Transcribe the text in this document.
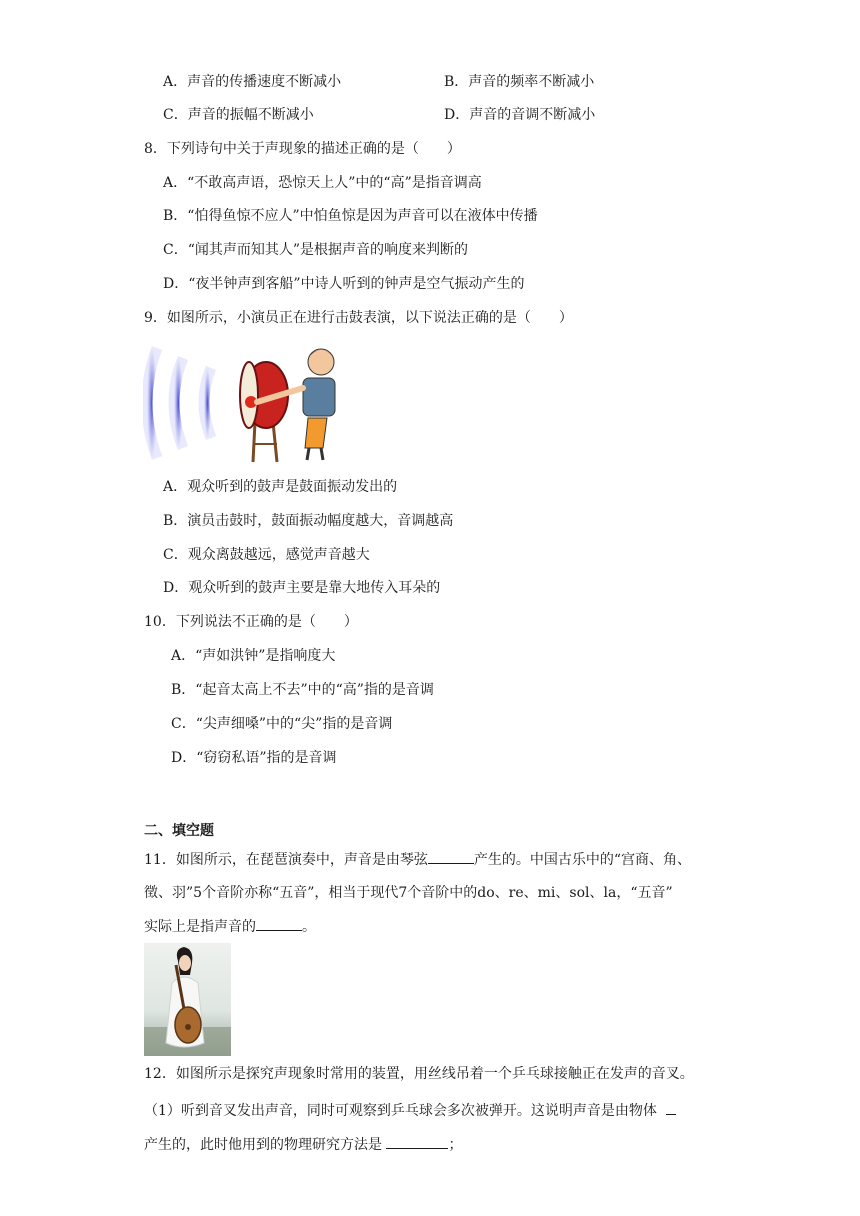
A．声音的传播速度不断减小	B．声音的频率不断减小
C．声音的振幅不断减小	D．声音的音调不断减小
8．下列诗句中关于声现象的描述正确的是（　　）
A．“不敢高声语，恐惊天上人”中的“高”是指音调高
B．“怕得鱼惊不应人”中怕鱼惊是因为声音可以在液体中传播
C．“闻其声而知其人”是根据声音的响度来判断的
D．“夜半钟声到客船”中诗人听到的钟声是空气振动产生的
9．如图所示，小演员正在进行击鼓表演，以下说法正确的是（　　）
A．观众听到的鼓声是鼓面振动发出的
B．演员击鼓时，鼓面振动幅度越大，音调越高
C．观众离鼓越远，感觉声音越大
D．观众听到的鼓声主要是靠大地传入耳朵的
10．下列说法不正确的是（　　）
A．“声如洪钟”是指响度大
B．“起音太高上不去”中的“高”指的是音调
C．“尖声细嗓”中的“尖”指的是音调
D．“窃窃私语”指的是音调
二、填空题
11．如图所示，在琵琶演奏中，声音是由琴弦	产生的。中国古乐中的“宫商、角、
徵、羽”5个音阶亦称“五音”，相当于现代7个音阶中的do、re、mi、sol、la，“五音”
实际上是指声音的	。
12．如图所示是探究声现象时常用的装置，用丝线吊着一个乒乓球接触正在发声的音叉。
（1）听到音叉发出声音，同时可观察到乒乓球会多次被弹开。这说明声音是由物体
产生的，此时他用到的物理研究方法是	；
